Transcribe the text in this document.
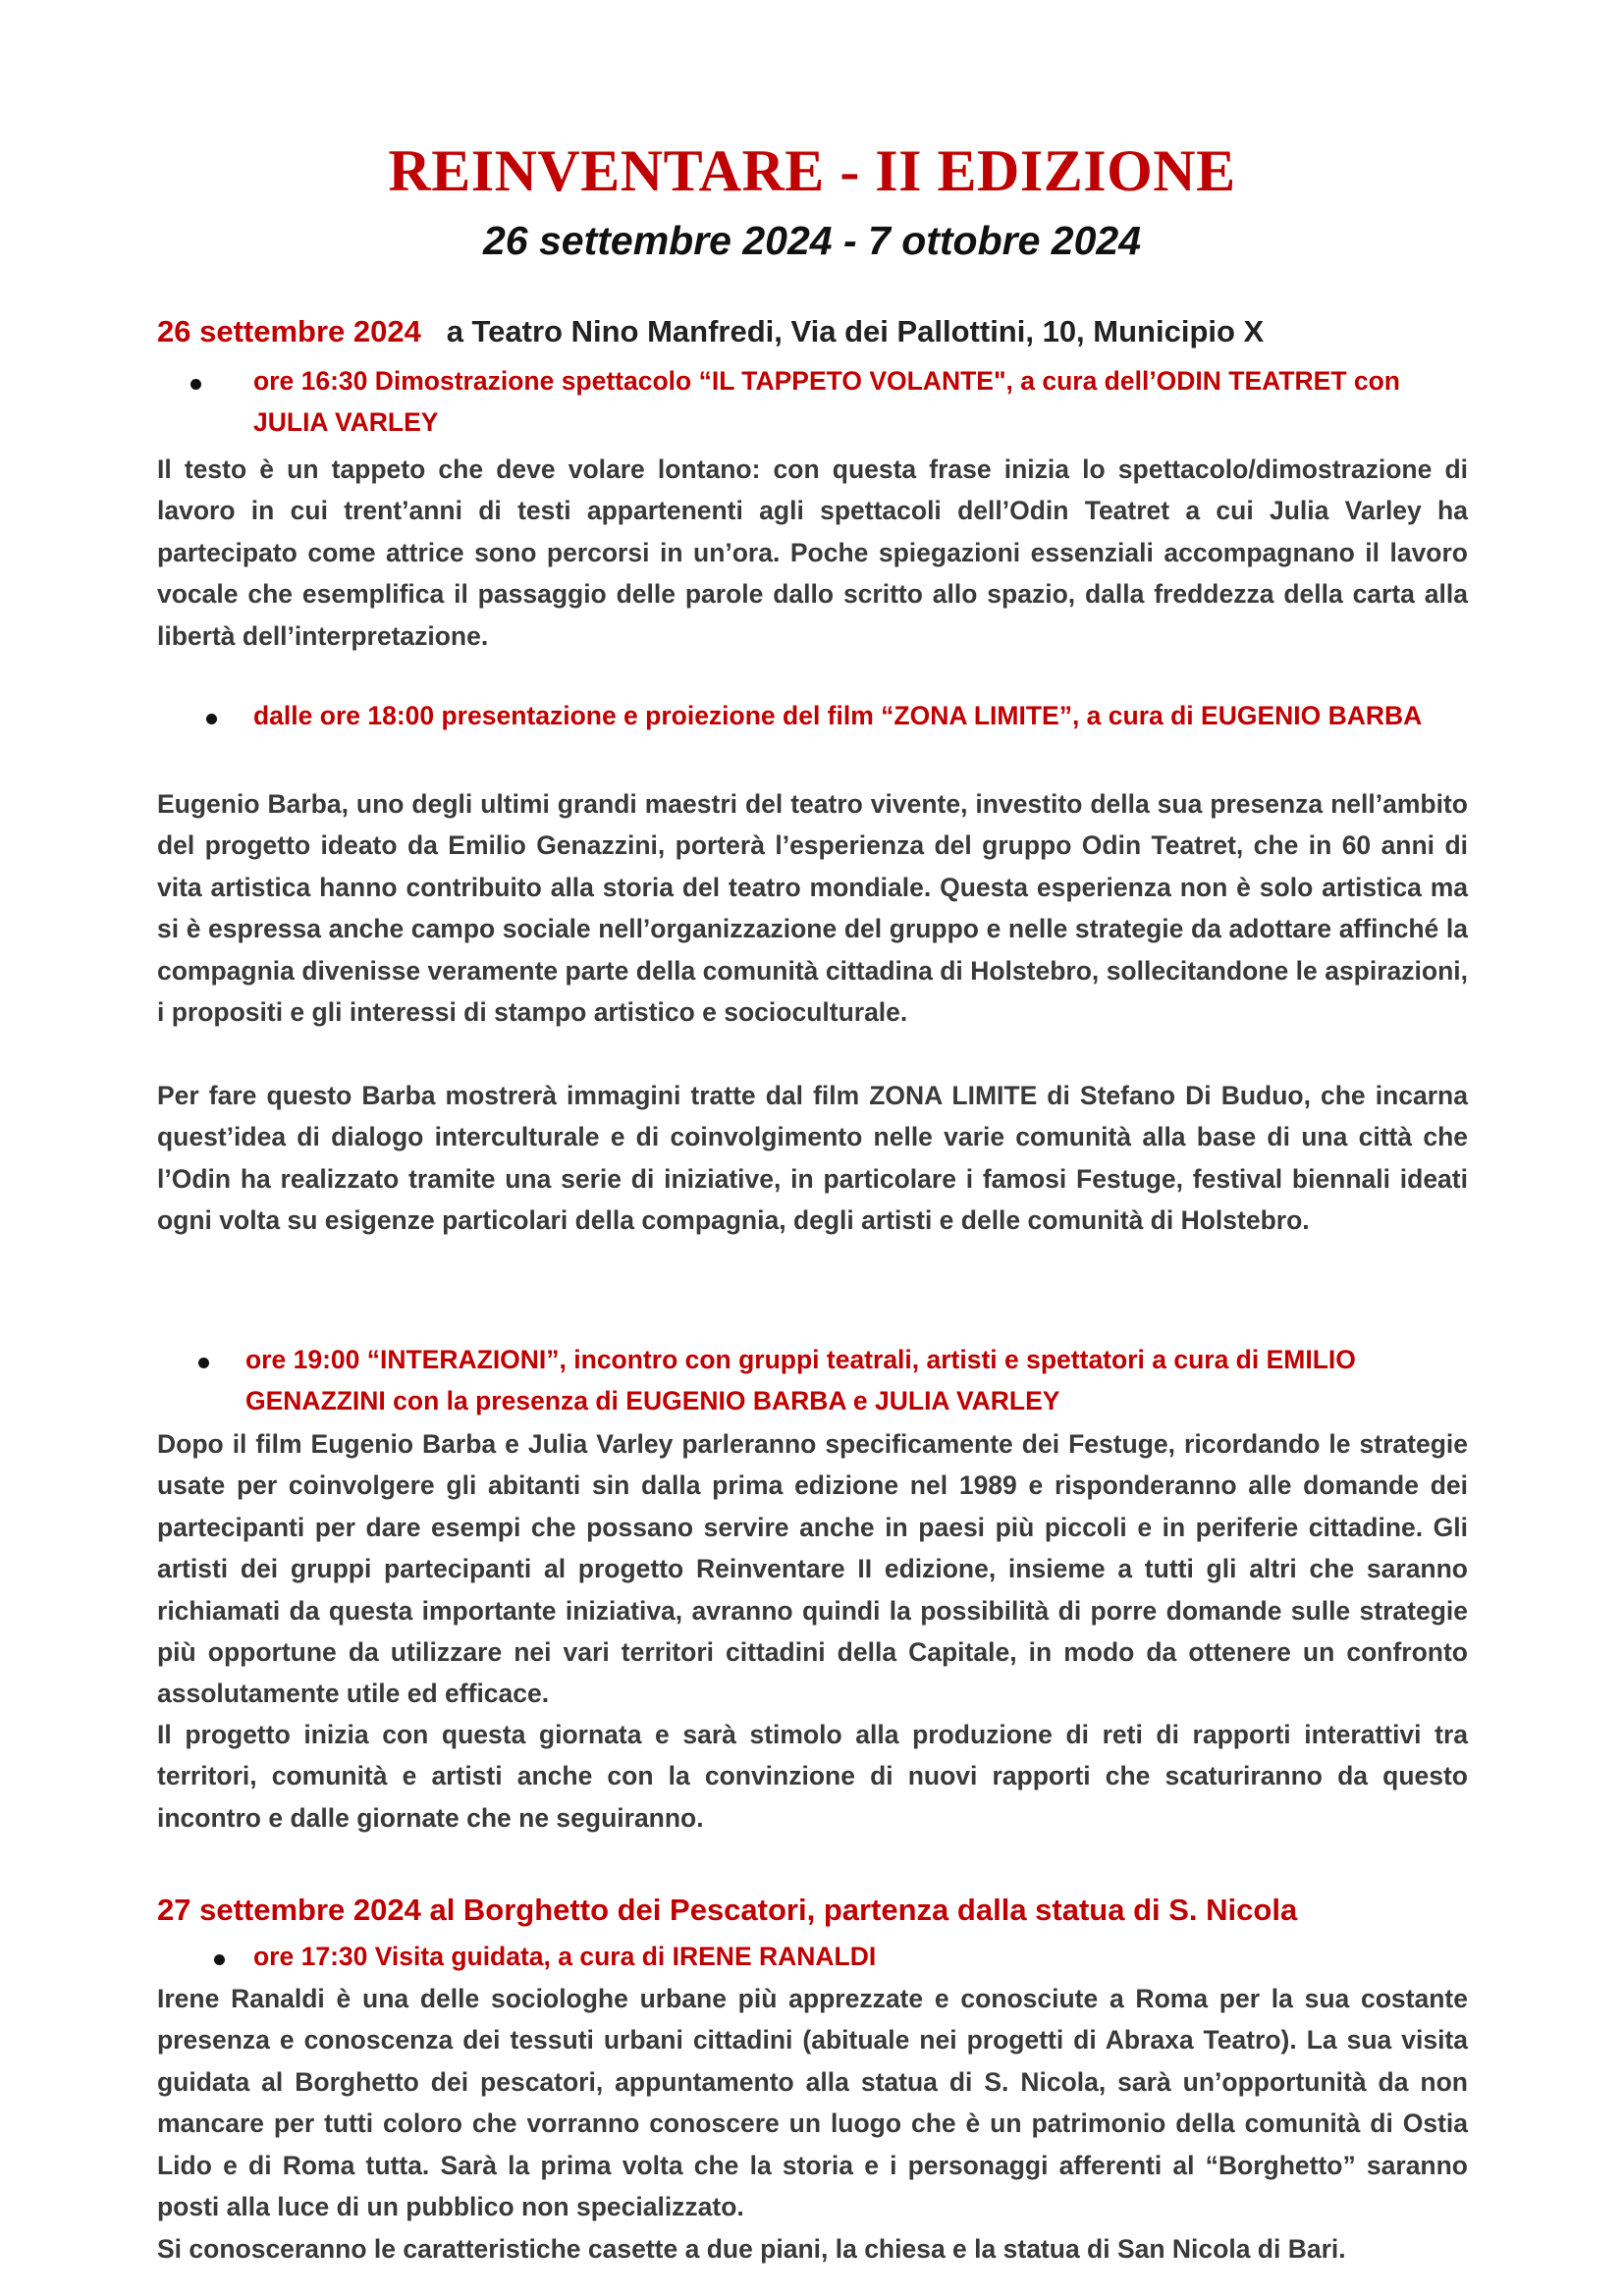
REINVENTARE - II EDIZIONE
26 settembre 2024 - 7 ottobre 2024
26 settembre 2024 a Teatro Nino Manfredi, Via dei Pallottini, 10, Municipio X
ore 16:30 Dimostrazione spettacolo “IL TAPPETO VOLANTE", a cura dell’ODIN TEATRET con JULIA VARLEY
Il testo è un tappeto che deve volare lontano: con questa frase inizia lo spettacolo/dimostrazione di lavoro in cui trent’anni di testi appartenenti agli spettacoli dell’Odin Teatret a cui Julia Varley ha partecipato come attrice sono percorsi in un’ora. Poche spiegazioni essenziali accompagnano il lavoro vocale che esemplifica il passaggio delle parole dallo scritto allo spazio, dalla freddezza della carta alla libertà dell’interpretazione.
dalle ore 18:00 presentazione e proiezione del film “ZONA LIMITE”, a cura di EUGENIO BARBA
Eugenio Barba, uno degli ultimi grandi maestri del teatro vivente, investito della sua presenza nell’ambito del progetto ideato da Emilio Genazzini, porterà l’esperienza del gruppo Odin Teatret, che in 60 anni di vita artistica hanno contribuito alla storia del teatro mondiale. Questa esperienza non è solo artistica ma si è espressa anche campo sociale nell’organizzazione del gruppo e nelle strategie da adottare affinché la compagnia divenisse veramente parte della comunità cittadina di Holstebro, sollecitandone le aspirazioni, i propositi e gli interessi di stampo artistico e socioculturale.
Per fare questo Barba mostrerà immagini tratte dal film ZONA LIMITE di Stefano Di Buduo, che incarna quest’idea di dialogo interculturale e di coinvolgimento nelle varie comunità alla base di una città che l’Odin ha realizzato tramite una serie di iniziative, in particolare i famosi Festuge, festival biennali ideati ogni volta su esigenze particolari della compagnia, degli artisti e delle comunità di Holstebro.
ore 19:00 “INTERAZIONI”, incontro con gruppi teatrali, artisti e spettatori a cura di EMILIO GENAZZINI con la presenza di EUGENIO BARBA e JULIA VARLEY
Dopo il film Eugenio Barba e Julia Varley parleranno specificamente dei Festuge, ricordando le strategie usate per coinvolgere gli abitanti sin dalla prima edizione nel 1989 e risponderanno alle domande dei partecipanti per dare esempi che possano servire anche in paesi più piccoli e in periferie cittadine. Gli artisti dei gruppi partecipanti al progetto Reinventare II edizione, insieme a tutti gli altri che saranno richiamati da questa importante iniziativa, avranno quindi la possibilità di porre domande sulle strategie più opportune da utilizzare nei vari territori cittadini della Capitale, in modo da ottenere un confronto assolutamente utile ed efficace.
Il progetto inizia con questa giornata e sarà stimolo alla produzione di reti di rapporti interattivi tra territori, comunità e artisti anche con la convinzione di nuovi rapporti che scaturiranno da questo incontro e dalle giornate che ne seguiranno.
27 settembre 2024 al Borghetto dei Pescatori, partenza dalla statua di S. Nicola
ore 17:30 Visita guidata, a cura di IRENE RANALDI
Irene Ranaldi è una delle sociologhe urbane più apprezzate e conosciute a Roma per la sua costante presenza e conoscenza dei tessuti urbani cittadini (abituale nei progetti di Abraxa Teatro). La sua visita guidata al Borghetto dei pescatori, appuntamento alla statua di S. Nicola, sarà un’opportunità da non mancare per tutti coloro che vorranno conoscere un luogo che è un patrimonio della comunità di Ostia Lido e di Roma tutta. Sarà la prima volta che la storia e i personaggi afferenti al “Borghetto” saranno posti alla luce di un pubblico non specializzato.
Si conosceranno le caratteristiche casette a due piani, la chiesa e la statua di San Nicola di Bari.
